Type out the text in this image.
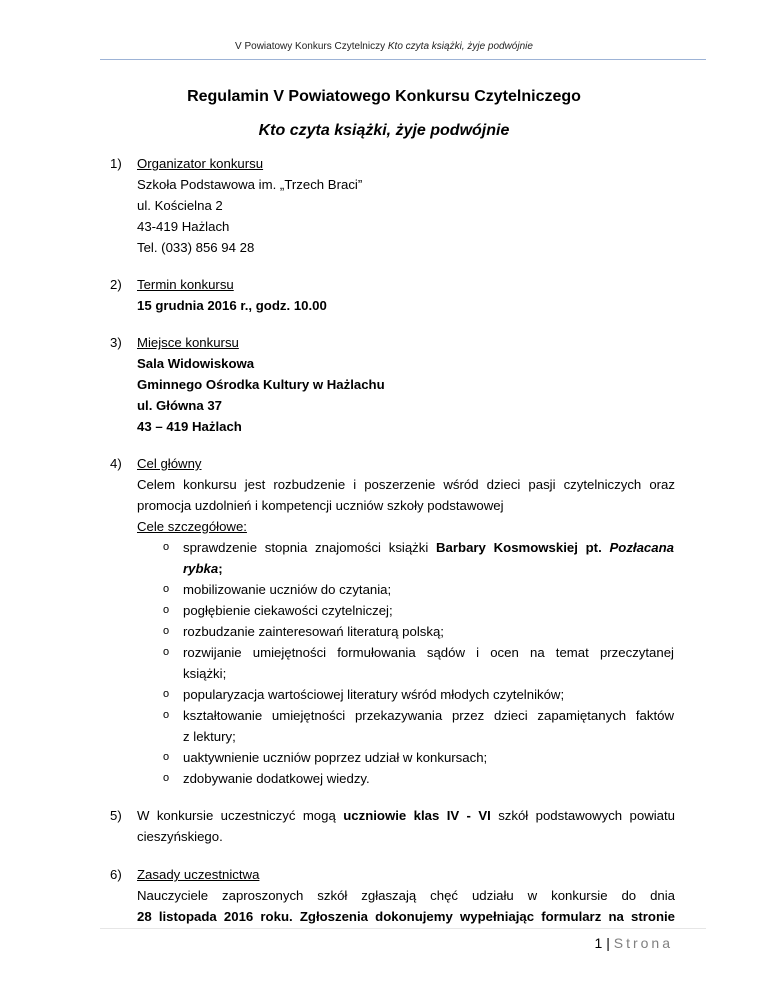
V Powiatowy Konkurs Czytelniczy Kto czyta książki, żyje podwójnie
Regulamin V Powiatowego Konkursu Czytelniczego
Kto czyta książki, żyje podwójnie
1) Organizator konkursu
Szkoła Podstawowa im. „Trzech Braci”
ul. Kościelna 2
43-419 Hażlach
Tel. (033) 856 94 28
2) Termin konkursu
15 grudnia 2016 r., godz. 10.00
3) Miejsce konkursu
Sala Widowiskowa
Gminnego Ośrodka Kultury w Hażlachu
ul. Główna 37
43 – 419 Hażlach
4) Cel główny
Celem konkursu jest rozbudzenie i poszerzenie wśród dzieci pasji czytelniczych oraz
promocja uzdolnień i kompetencji uczniów szkoły podstawowej
Cele szczegółowe:
o sprawdzenie stopnia znajomości książki Barbary Kosmowskiej pt. Pozłacana
rybka;
o mobilizowanie uczniów do czytania;
o pogłębienie ciekawości czytelniczej;
o rozbudzanie zainteresowań literaturą polską;
o rozwijanie umiejętności formułowania sądów i ocen na temat przeczytanej
książki;
o popularyzacja wartościowej literatury wśród młodych czytelników;
o kształtowanie umiejętności przekazywania przez dzieci zapamiętanych faktów
z lektury;
o uaktywnienie uczniów poprzez udział w konkursach;
o zdobywanie dodatkowej wiedzy.
5) W konkursie uczestniczyć mogą uczniowie klas IV - VI szkół podstawowych powiatu
cieszyńskiego.
6) Zasady uczestnictwa
Nauczyciele zaproszonych szkół zgłaszają chęć udziału w konkursie do dnia
28 listopada 2016 roku. Zgłoszenia dokonujemy wypełniając formularz na stronie
1 | Strona
